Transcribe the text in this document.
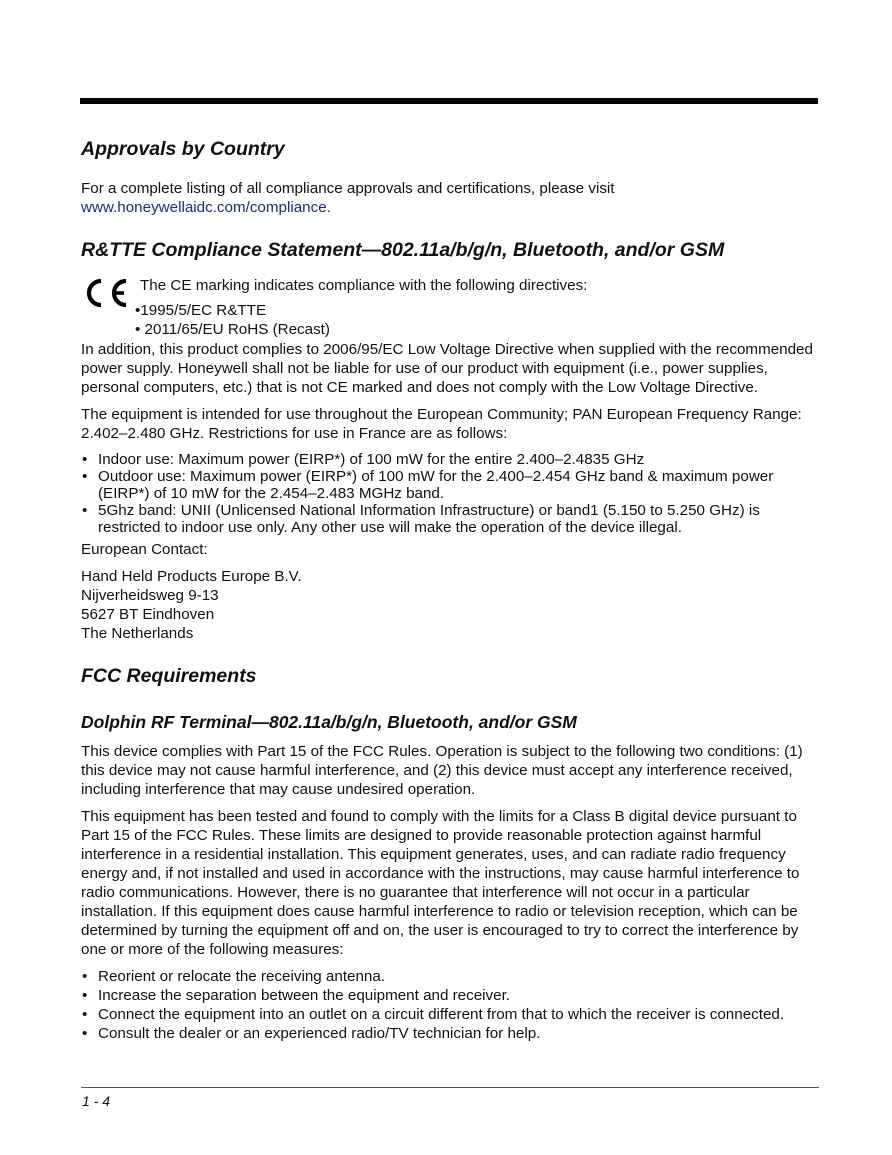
Approvals by Country

For a complete listing of all compliance approvals and certifications, please visit

www.honeywellaidc.com/compliance.

R&TTE Compliance Statement—802.11a/b/g/n, Bluetooth, and/or GSM
The CE marking indicates compliance with the following directives:
•1995/5/EC R&TTE
• 2011/65/EU RoHS (Recast)

In addition, this product complies to 2006/95/EC Low Voltage Directive when supplied with the recommended power supply. Honeywell shall not be liable for use of our product with equipment (i.e., power supplies, personal computers, etc.) that is not CE marked and does not comply with the Low Voltage Directive.

The equipment is intended for use throughout the European Community; PAN European Frequency Range: 2.402–2.480 GHz. Restrictions for use in France are as follows:

• Indoor use: Maximum power (EIRP*) of 100 mW for the entire 2.400–2.4835 GHz
• Outdoor use: Maximum power (EIRP*) of 100 mW for the 2.400–2.454 GHz band & maximum power (EIRP*) of 10 mW for the 2.454–2.483 MGHz band.
• 5Ghz band: UNII (Unlicensed National Information Infrastructure) or band1 (5.150 to 5.250 GHz) is restricted to indoor use only. Any other use will make the operation of the device illegal.

European Contact:

Hand Held Products Europe B.V.

Nijverheidsweg 9-13

5627 BT Eindhoven

The Netherlands

FCC Requirements
Dolphin RF Terminal—802.11a/b/g/n, Bluetooth, and/or GSM

This device complies with Part 15 of the FCC Rules. Operation is subject to the following two conditions: (1) this device may not cause harmful interference, and (2) this device must accept any interference received, including interference that may cause undesired operation.

This equipment has been tested and found to comply with the limits for a Class B digital device pursuant to Part 15 of the FCC Rules. These limits are designed to provide reasonable protection against harmful interference in a residential installation. This equipment generates, uses, and can radiate radio frequency energy and, if not installed and used in accordance with the instructions, may cause harmful interference to radio communications. However, there is no guarantee that interference will not occur in a particular installation. If this equipment does cause harmful interference to radio or television reception, which can be determined by turning the equipment off and on, the user is encouraged to try to correct the interference by one or more of the following measures:

• Reorient or relocate the receiving antenna.
• Increase the separation between the equipment and receiver.
• Connect the equipment into an outlet on a circuit different from that to which the receiver is connected.
• Consult the dealer or an experienced radio/TV technician for help.
1 - 4
